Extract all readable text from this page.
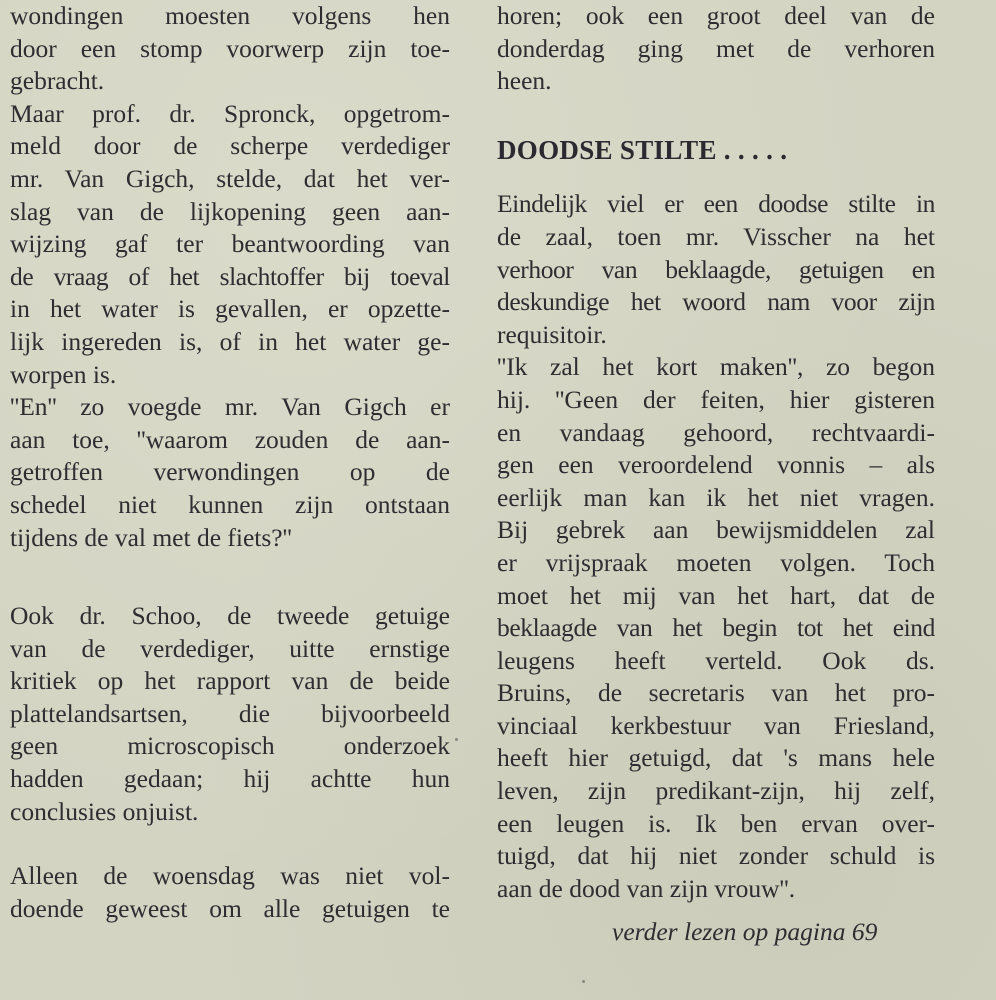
wondingen moesten volgens hen
door een stomp voorwerp zijn toe-
gebracht.
Maar prof. dr. Spronck, opgetrom-
meld door de scherpe verdediger
mr. Van Gigch, stelde, dat het ver-
slag van de lijkopening geen aan-
wijzing gaf ter beantwoording van
de vraag of het slachtoffer bij toeval
in het water is gevallen, er opzette-
lijk ingereden is, of in het water ge-
worpen is.
''En'' zo voegde mr. Van Gigch er
aan toe, ''waarom zouden de aan-
getroffen verwondingen op de
schedel niet kunnen zijn ontstaan
tijdens de val met de fiets?''
Ook dr. Schoo, de tweede getuige
van de verdediger, uitte ernstige
kritiek op het rapport van de beide
plattelandsartsen, die bijvoorbeeld
geen microscopisch onderzoek
hadden gedaan; hij achtte hun
conclusies onjuist.
Alleen de woensdag was niet vol-
doende geweest om alle getuigen te
horen; ook een groot deel van de
donderdag ging met de verhoren
heen.
DOODSE STILTE . . . . .
Eindelijk viel er een doodse stilte in
de zaal, toen mr. Visscher na het
verhoor van beklaagde, getuigen en
deskundige het woord nam voor zijn
requisitoir.
''Ik zal het kort maken'', zo begon
hij. ''Geen der feiten, hier gisteren
en vandaag gehoord, rechtvaardi-
gen een veroordelend vonnis – als
eerlijk man kan ik het niet vragen.
Bij gebrek aan bewijsmiddelen zal
er vrijspraak moeten volgen. Toch
moet het mij van het hart, dat de
beklaagde van het begin tot het eind
leugens heeft verteld. Ook ds.
Bruins, de secretaris van het pro-
vinciaal kerkbestuur van Friesland,
heeft hier getuigd, dat 's mans hele
leven, zijn predikant-zijn, hij zelf,
een leugen is. Ik ben ervan over-
tuigd, dat hij niet zonder schuld is
aan de dood van zijn vrouw''.
verder lezen op pagina 69
